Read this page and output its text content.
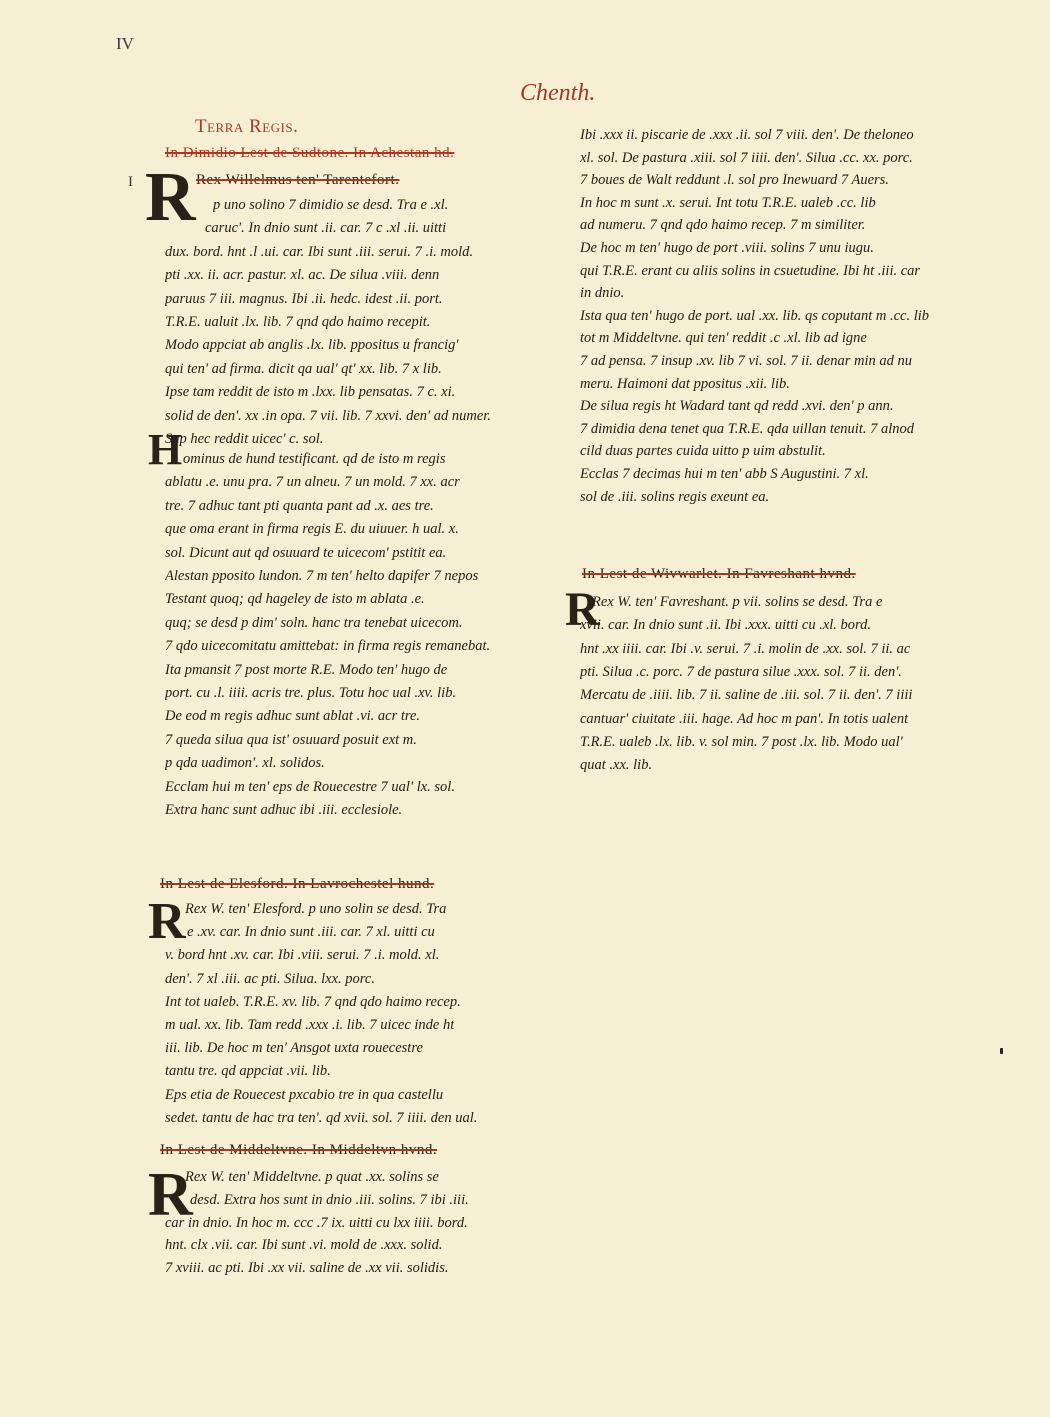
IV
Chenth.
Terra Regis.
In Dimidio Lest de Sudtone. In Achestan hd.
I R Rex Willelmus ten' Tarentefort.
p uno solino 7 dimidio se desd. Tra e .xl.
caruc'. In dnio sunt .ii. car. 7 c .xl .ii. uitti
dux. bord. hnt .l .ui. car. Ibi sunt .iii. serui. 7 .i. mold.
pti .xx. ii. acr. pastur. xl. ac. De silua .viii. denn
paruus 7 iii. magnus. Ibi .ii. hedc. idest .ii. port.
T.R.E. ualuit .lx. lib. 7 qnd qdo haimo recepit.
Modo appciat ab anglis .lx. lib. ppositus u francig'
qui ten' ad firma. dicit qa ual' qt' xx. lib. 7 x lib.
Ipse tam reddit de isto m .lxx. lib pensatas. 7 c. xi.
solid de den'. xx .in opa. 7 vii. lib. 7 xxvi. den' ad numer.
Sup hec reddit uicec' c. sol.
H ominus de hund testificant. qd de isto m regis
ablatu .e. unu pra. 7 un alneu. 7 un mold. 7 xx. acr
tre. 7 adhuc tant pti quanta pant ad .x. aes tre.
que oma erant in firma regis E. du uiuuer. h ual. x.
sol. Dicunt aut qd osuuard te uicecom' pstitit ea.
Alestan pposito lundon. 7 m ten' helto dapifer 7 nepos
Testant quoq; qd hageley de isto m ablata .e.
quq; se desd p dim' soln. hanc tra tenebat uicecom.
7 qdo uicecomitatu amittebat: in firma regis remanebat.
Ita pmansit 7 post morte R.E. Modo ten' hugo de
port. cu .l. iiii. acris tre. plus. Totu hoc ual .xv. lib.
De eod m regis adhuc sunt ablat .vi. acr tre.
7 queda silua qua ist' osuuard posuit ext m.
p qda uadimon'. xl. solidos.
Ecclam hui m ten' eps de Rouecestre 7 ual' lx. sol.
Extra hanc sunt adhuc ibi .iii. ecclesiole.
In Lest de Elesford. In Lavrochestel hund.
R Rex W. ten' Elesford. p uno solin se desd. Tra
e .xv. car. In dnio sunt .iii. car. 7 xl. uitti cu
v. bord hnt .xv. car. Ibi .viii. serui. 7 .i. mold. xl.
den'. 7 xl .iii. ac pti. Silua. lxx. porc.
Int tot ualeb. T.R.E. xv. lib. 7 qnd qdo haimo recep.
m ual. xx. lib. Tam redd .xxx .i. lib. 7 uicec inde ht
iii. lib. De hoc m ten' Ansgot uxta rouecestre
tantu tre. qd appciat .vii. lib.
Eps etia de Rouecest pxcabio tre in qua castellu
sedet. tantu de hac tra ten'. qd xvii. sol. 7 iiii. den ual.
In Lest de Middeltvne. In Middeltvn hvnd.
R
Rex W. ten' Middeltvne. p quat .xx. solins se
desd. Extra hos sunt in dnio .iii. solins. 7 ibi .iii.
car in dnio. In hoc m. ccc .7 ix. uitti cu lxx iiii. bord.
hnt. clx .vii. car. Ibi sunt .vi. mold de .xxx. solid.
7 xviii. ac pti. Ibi .xx vii. saline de .xx vii. solidis.
Ibi .xxx ii. piscarie de .xxx .ii. sol 7 viii. den'. De theloneo
xl. sol. De pastura .xiii. sol 7 iiii. den'. Silua .cc. xx. porc.
7 boues de Walt reddunt .l. sol pro Inewuard 7 Auers.
In hoc m sunt .x. serui. Int totu T.R.E. ualeb .cc. lib
ad numeru. 7 qnd qdo haimo recep. 7 m similiter.
De hoc m ten' hugo de port .viii. solins 7 unu iugu.
qui T.R.E. erant cu aliis solins in csuetudine. Ibi ht .iii. car
in dnio.
Ista qua ten' hugo de port. ual .xx. lib. qs coputant m .cc. lib
tot m Middeltvne. qui ten' reddit .c .xl. lib ad igne
7 ad pensa. 7 insup .xv. lib 7 vi. sol. 7 ii. denar min ad nu
meru. Haimoni dat ppositus .xii. lib.
De silua regis ht Wadard tant qd redd .xvi. den' p ann.
7 dimidia dena tenet qua T.R.E. qda uillan tenuit. 7 alnod
cild duas partes cuida uitto p uim abstulit.
Ecclas 7 decimas hui m ten' abb S Augustini. 7 xl.
sol de .iii. solins regis exeunt ea.
In Lest de Wivwarlet. In Favreshant hvnd.
R
Rex W. ten' Favreshant. p vii. solins se desd. Tra e
xvii. car. In dnio sunt .ii. Ibi .xxx. uitti cu .xl. bord.
hnt .xx iiii. car. Ibi .v. serui. 7 .i. molin de .xx. sol. 7 ii. ac
pti. Silua .c. porc. 7 de pastura silue .xxx. sol. 7 ii. den'.
Mercatu de .iiii. lib. 7 ii. saline de .iii. sol. 7 ii. den'. 7 iiii
cantuar' ciuitate .iii. hage. Ad hoc m pan'. In totis ualent
T.R.E. ualeb .lx. lib. v. sol min. 7 post .lx. lib. Modo ual'
quat .xx. lib.
